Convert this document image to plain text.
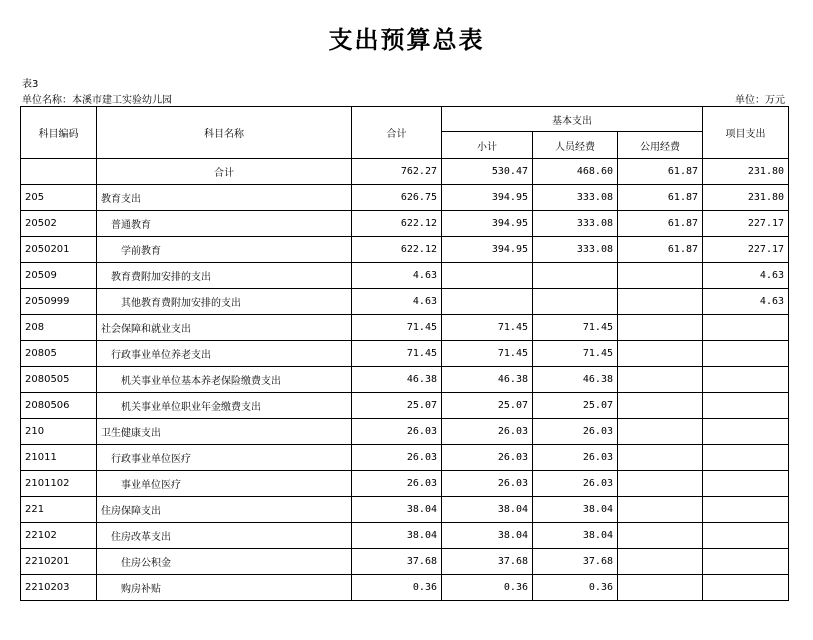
支出预算总表
表3
单位名称：本溪市建工实验幼儿园	单位：万元
科目编码	科目名称	合计	基本支出			项目支出
			小计	人员经费	公用经费	
	合计	762.27	530.47	468.60	61.87	231.80
205	教育支出	626.75	394.95	333.08	61.87	231.80
20502	普通教育	622.12	394.95	333.08	61.87	227.17
2050201	学前教育	622.12	394.95	333.08	61.87	227.17
20509	教育费附加安排的支出	4.63				4.63
2050999	其他教育费附加安排的支出	4.63				4.63
208	社会保障和就业支出	71.45	71.45	71.45		
20805	行政事业单位养老支出	71.45	71.45	71.45		
2080505	机关事业单位基本养老保险缴费支出	46.38	46.38	46.38		
2080506	机关事业单位职业年金缴费支出	25.07	25.07	25.07		
210	卫生健康支出	26.03	26.03	26.03		
21011	行政事业单位医疗	26.03	26.03	26.03		
2101102	事业单位医疗	26.03	26.03	26.03		
221	住房保障支出	38.04	38.04	38.04		
22102	住房改革支出	38.04	38.04	38.04		
2210201	住房公积金	37.68	37.68	37.68		
2210203	购房补贴	0.36	0.36	0.36		
